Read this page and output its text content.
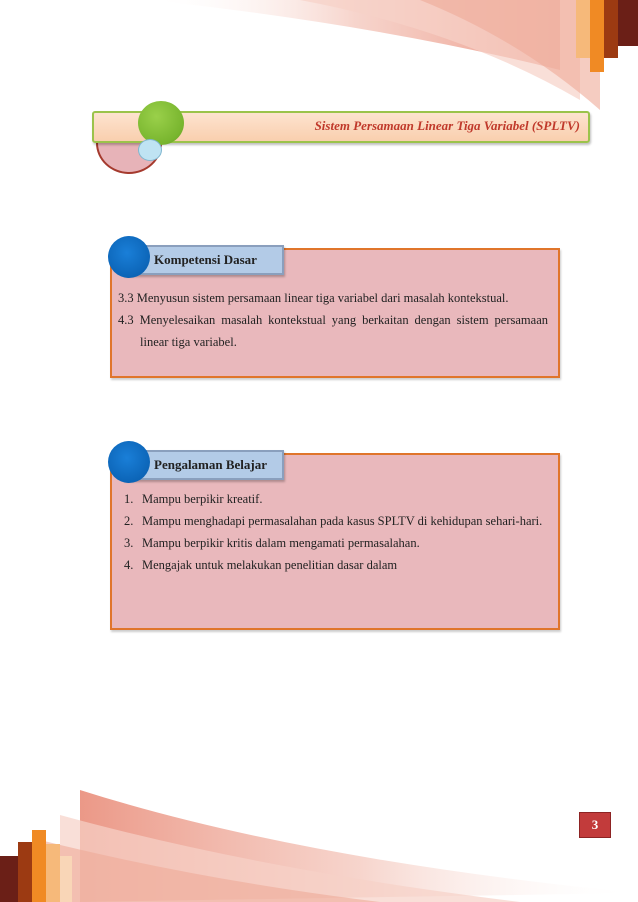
Sistem Persamaan Linear Tiga Variabel (SPLTV)
Kompetensi Dasar
3.3 Menyusun sistem persamaan linear tiga variabel dari masalah kontekstual.
4.3 Menyelesaikan masalah kontekstual yang berkaitan dengan sistem persamaan linear tiga variabel.
Pengalaman Belajar
1. Mampu berpikir kreatif.
2. Mampu menghadapi permasalahan pada kasus SPLTV di kehidupan sehari-hari.
3. Mampu berpikir kritis dalam mengamati permasalahan.
4. Mengajak untuk melakukan penelitian dasar dalam
3
